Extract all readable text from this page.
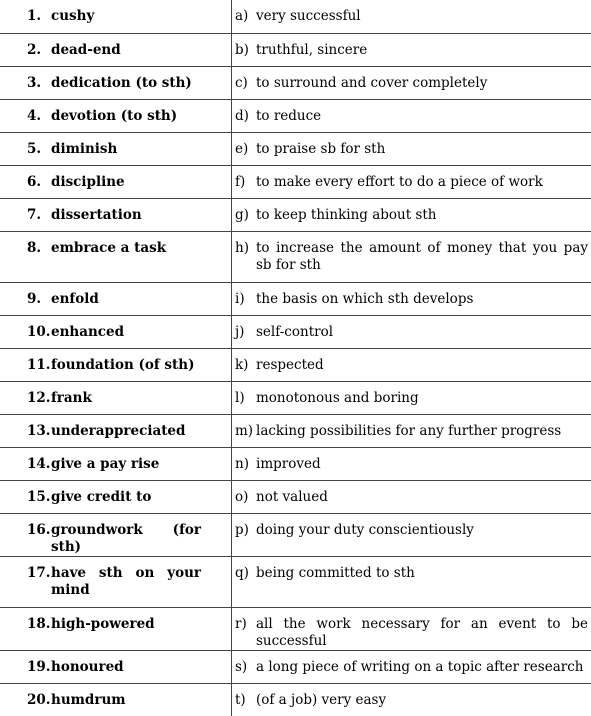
1. cushy	a) very successful

2. dead-end	b) truthful, sincere

3. dedication (to sth)	c) to surround and cover completely

4. devotion (to sth)	d) to reduce

5. diminish	e) to praise sb for sth

6. discipline	f) to make every effort to do a piece of work

7. dissertation	g) to keep thinking about sth

8. embrace a task	h) to increase the amount of money that you pay sb for sth

9. enfold	i) the basis on which sth develops

10. enhanced	j) self-control

11. foundation (of sth)	k) respected

12. frank	l) monotonous and boring

13. underappreciated	m) lacking possibilities for any further progress

14. give a pay rise	n) improved

15. give credit to	o) not valued

16. groundwork (for sth)	p) doing your duty conscientiously

17. have sth on your mind	q) being committed to sth

18. high-powered	r) all the work necessary for an event to be successful

19. honoured	s) a long piece of writing on a topic after research

20. humdrum	t) (of a job) very easy
